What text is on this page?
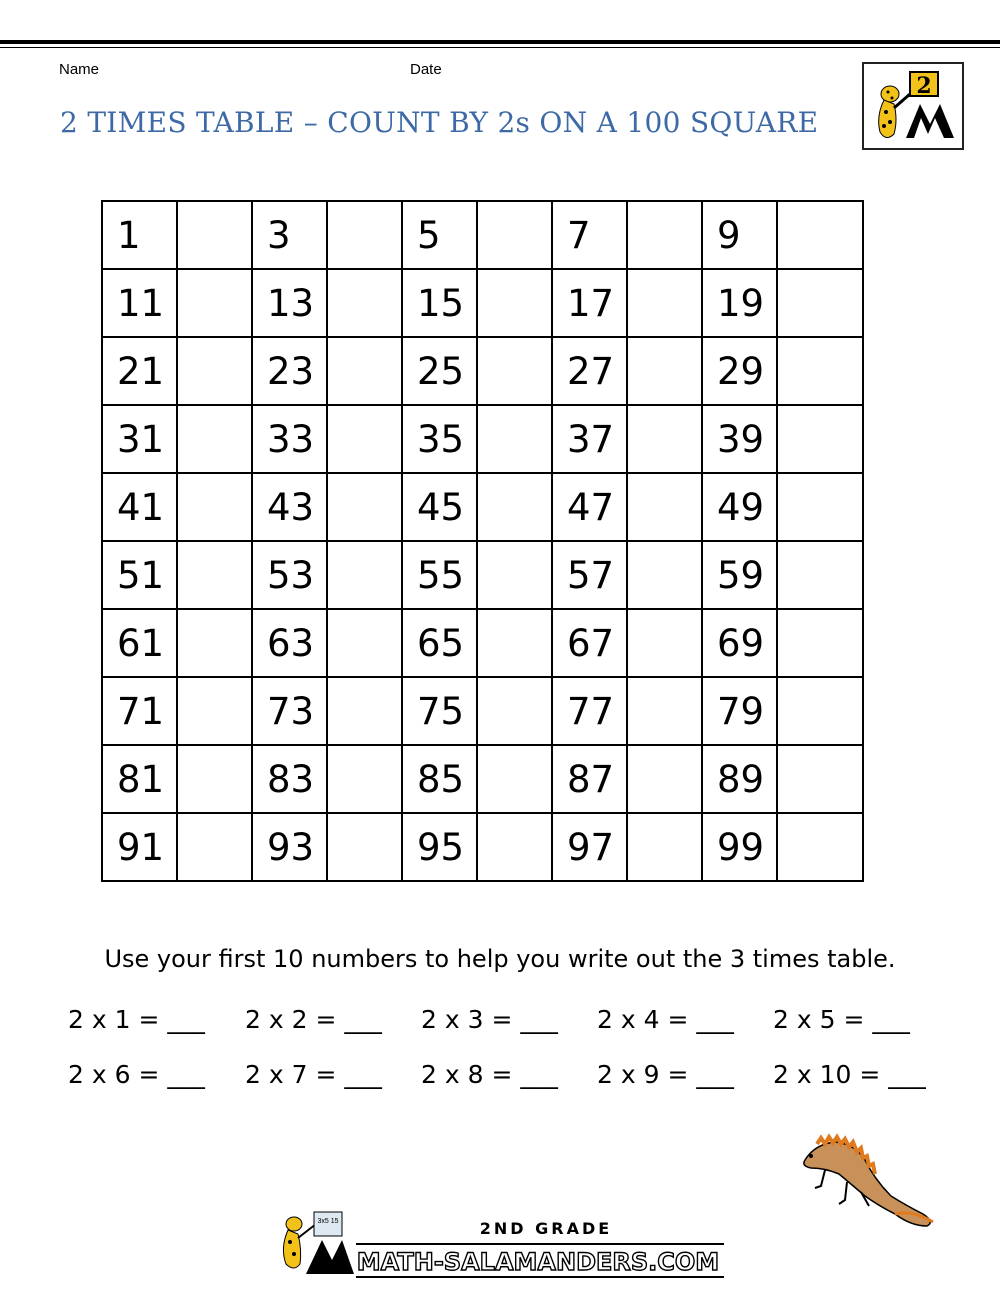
Name	Date
2 TIMES TABLE – COUNT BY 2s ON A 100 SQUARE
2
1		3		5		7		9	
11		13		15		17		19	
21		23		25		27		29	
31		33		35		37		39	
41		43		45		47		49	
51		53		55		57		59	
61		63		65		67		69	
71		73		75		77		79	
81		83		85		87		89	
91		93		95		97		99	
Use your first 10 numbers to help you write out the 3 times table.
2 x 1 = ___ 2 x 2 = ___ 2 x 3 = ___ 2 x 4 = ___ 2 x 5 = ___
2 x 6 = ___ 2 x 7 = ___ 2 x 8 = ___ 2 x 9 = ___ 2 x 10 = ___
3x5 15	2ND GRADE
MATH-SALAMANDERS.COM
